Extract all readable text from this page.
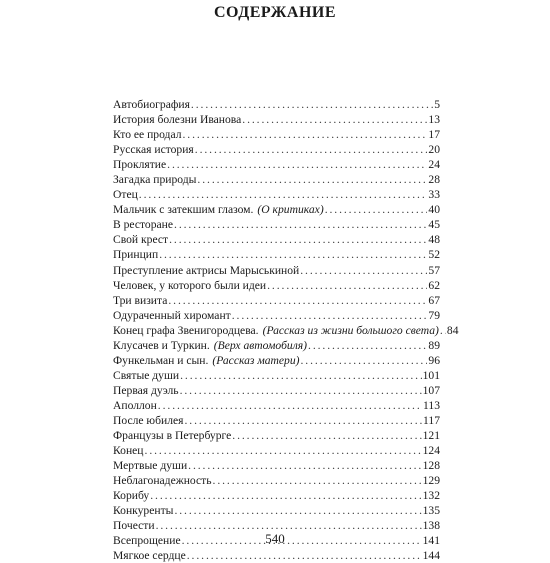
СОДЕРЖАНИЕ
Автобиография . . .	5
История болезни Иванова . . .	13
Кто ее продал . . .	17
Русская история . . .	20
Проклятие . . .	24
Загадка природы . . .	28
Отец . . .	33
Мальчик с затекшим глазом. (О критиках) . . .	40
В ресторане . . .	45
Свой крест . . .	48
Принцип . . .	52
Преступление актрисы Марыськиной . . .	57
Человек, у которого были идеи . . .	62
Три визита . . .	67
Одураченный хиромант . . .	79
Конец графа Звенигородцева. (Рассказ из жизни большого света) . . . 84
Клусачев и Туркин. (Верх автомобиля) . . .	89
Функельман и сын. (Рассказ матери) . . .	96
Святые души . . .	101
Первая дуэль . . .	107
Аполлон . . .	113
После юбилея . . .	117
Французы в Петербурге . . .	121
Конец . . .	124
Мертвые души . . .	128
Неблагонадежность . . .	129
Корибу . . .	132
Конкуренты . . .	135
Почести . . .	138
Всепрощение . . .	141
Мягкое сердце . . .	144
540
